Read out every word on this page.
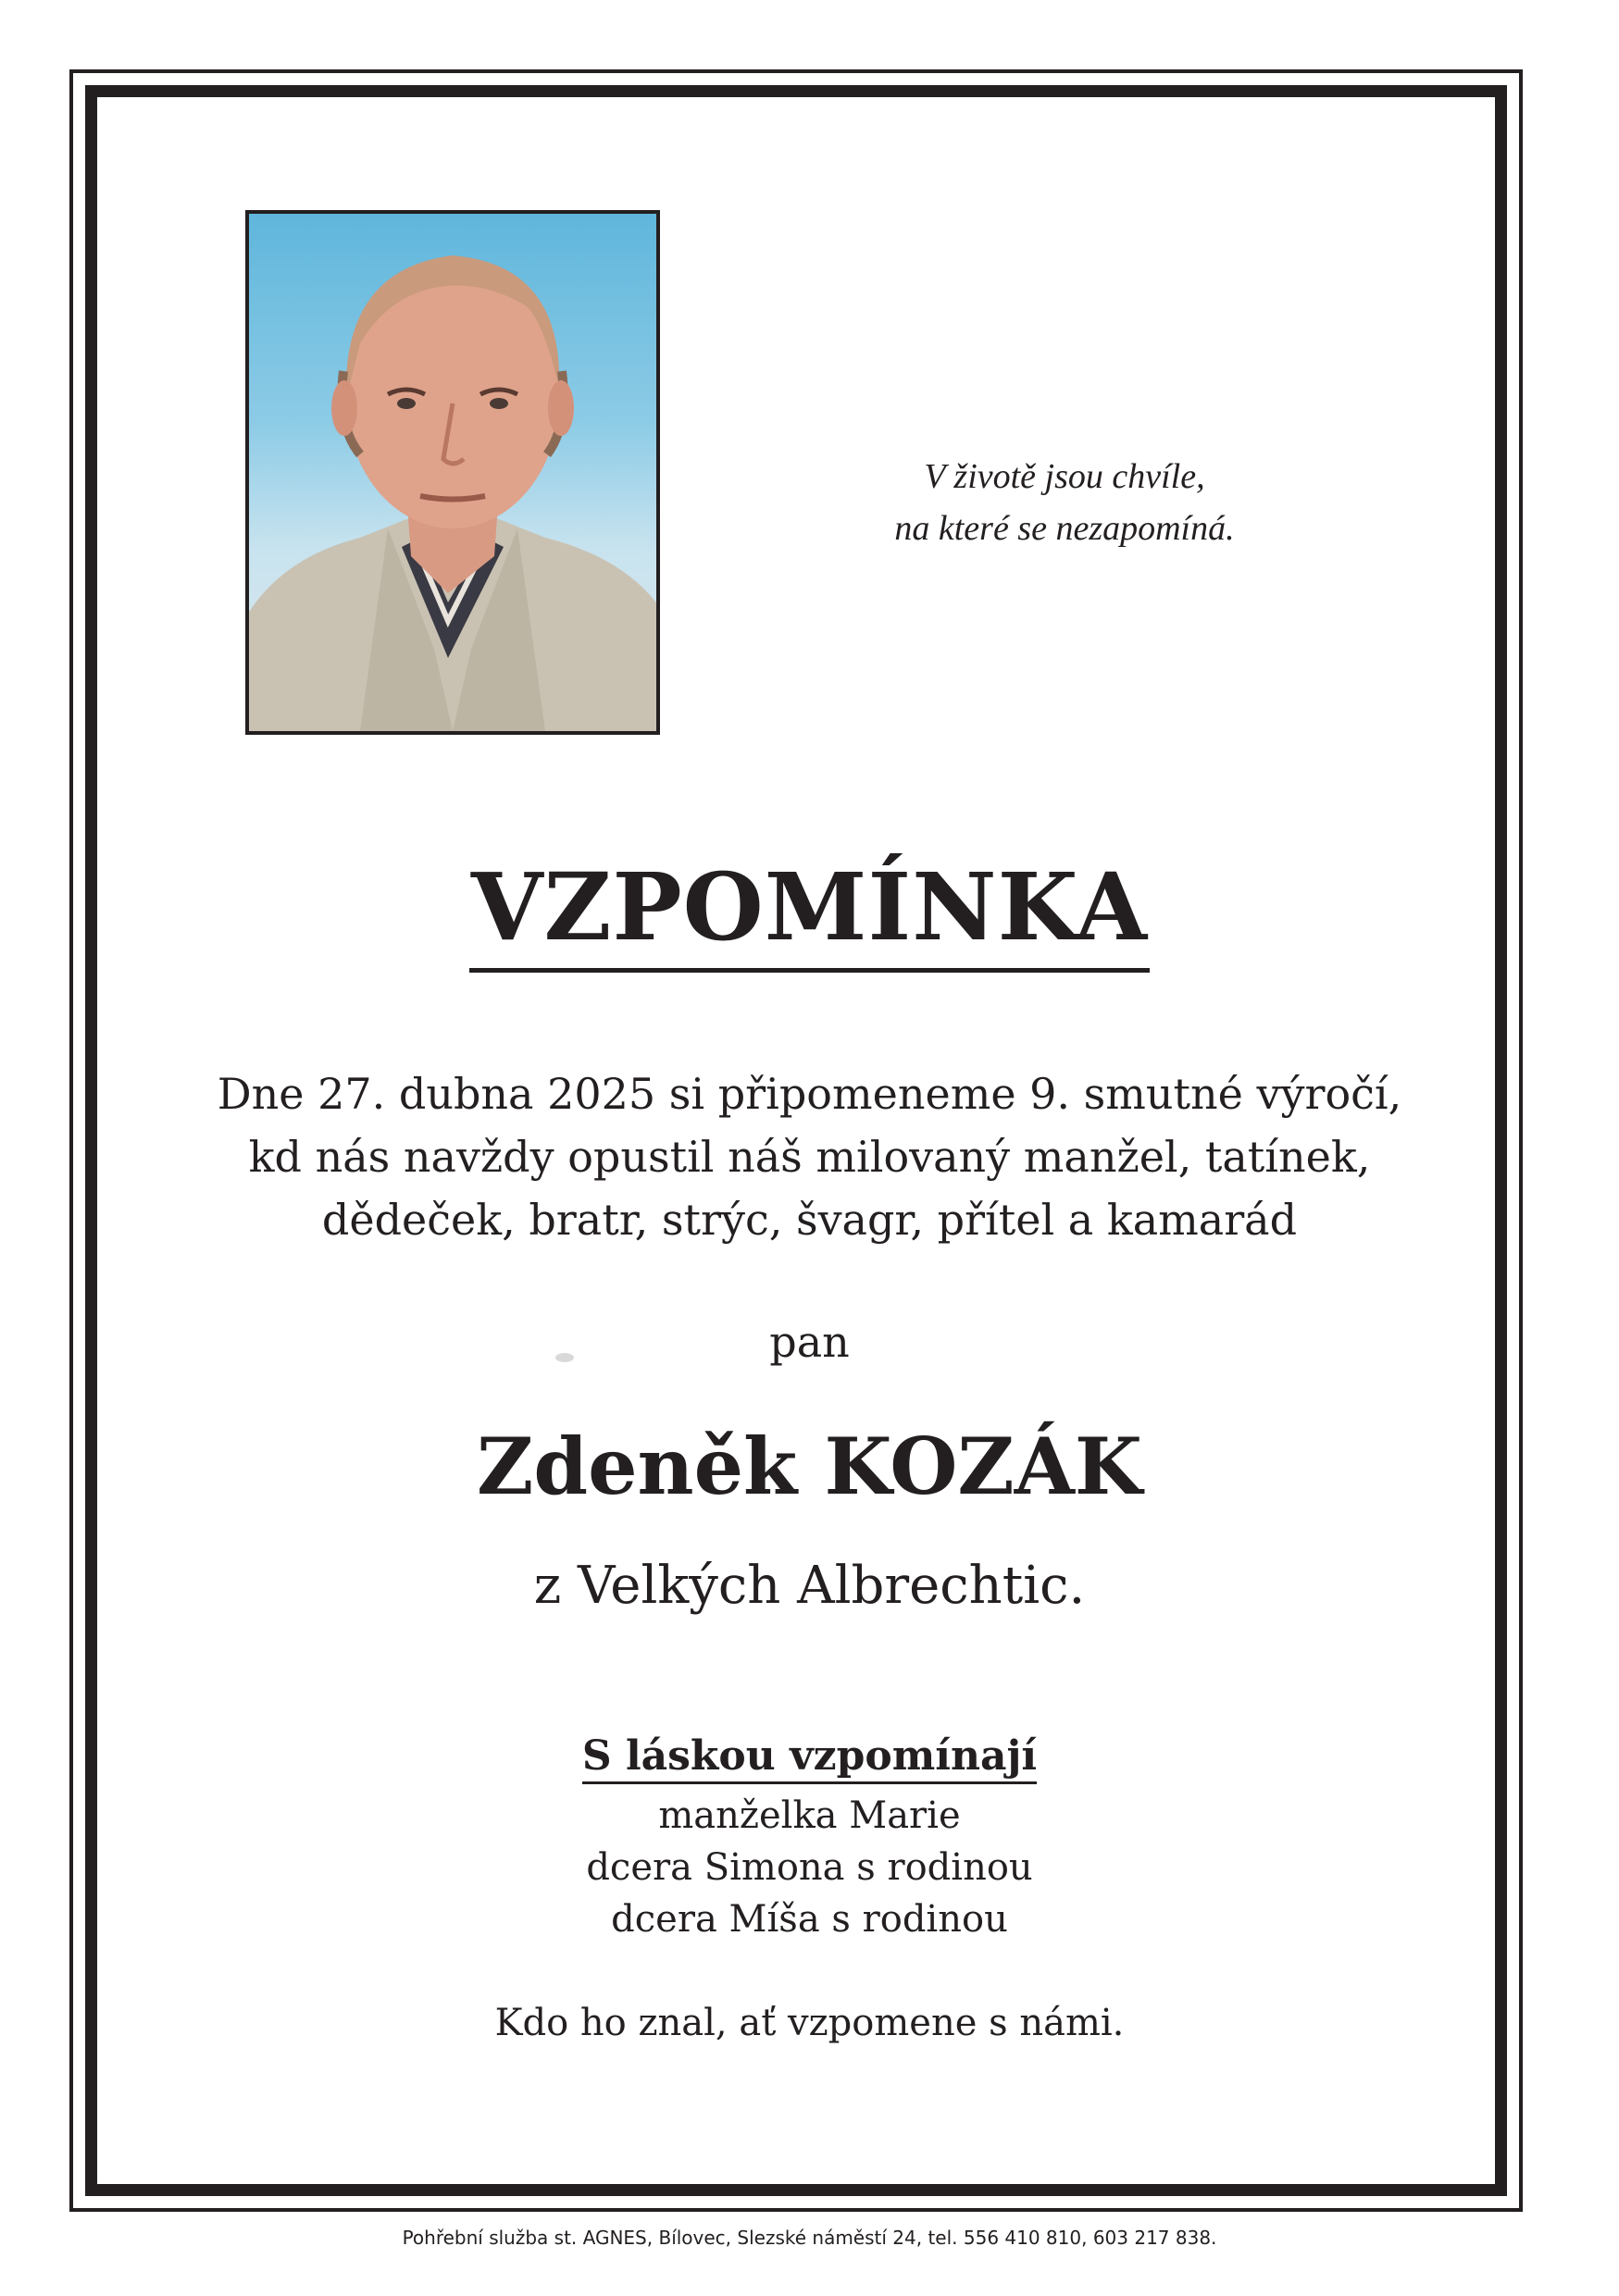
V životě jsou chvíle,
na které se nezapomíná.
VZPOMÍNKA
Dne 27. dubna 2025 si připomeneme 9. smutné výročí,
kd nás navždy opustil náš milovaný manžel, tatínek,
dědeček, bratr, strýc, švagr, přítel a kamarád
pan
Zdeněk KOZÁK
z Velkých Albrechtic.
S láskou vzpomínají
manželka Marie
dcera Simona s rodinou
dcera Míša s rodinou
Kdo ho znal, ať vzpomene s námi.
Pohřební služba st. AGNES, Bílovec, Slezské náměstí 24, tel. 556 410 810, 603 217 838.
